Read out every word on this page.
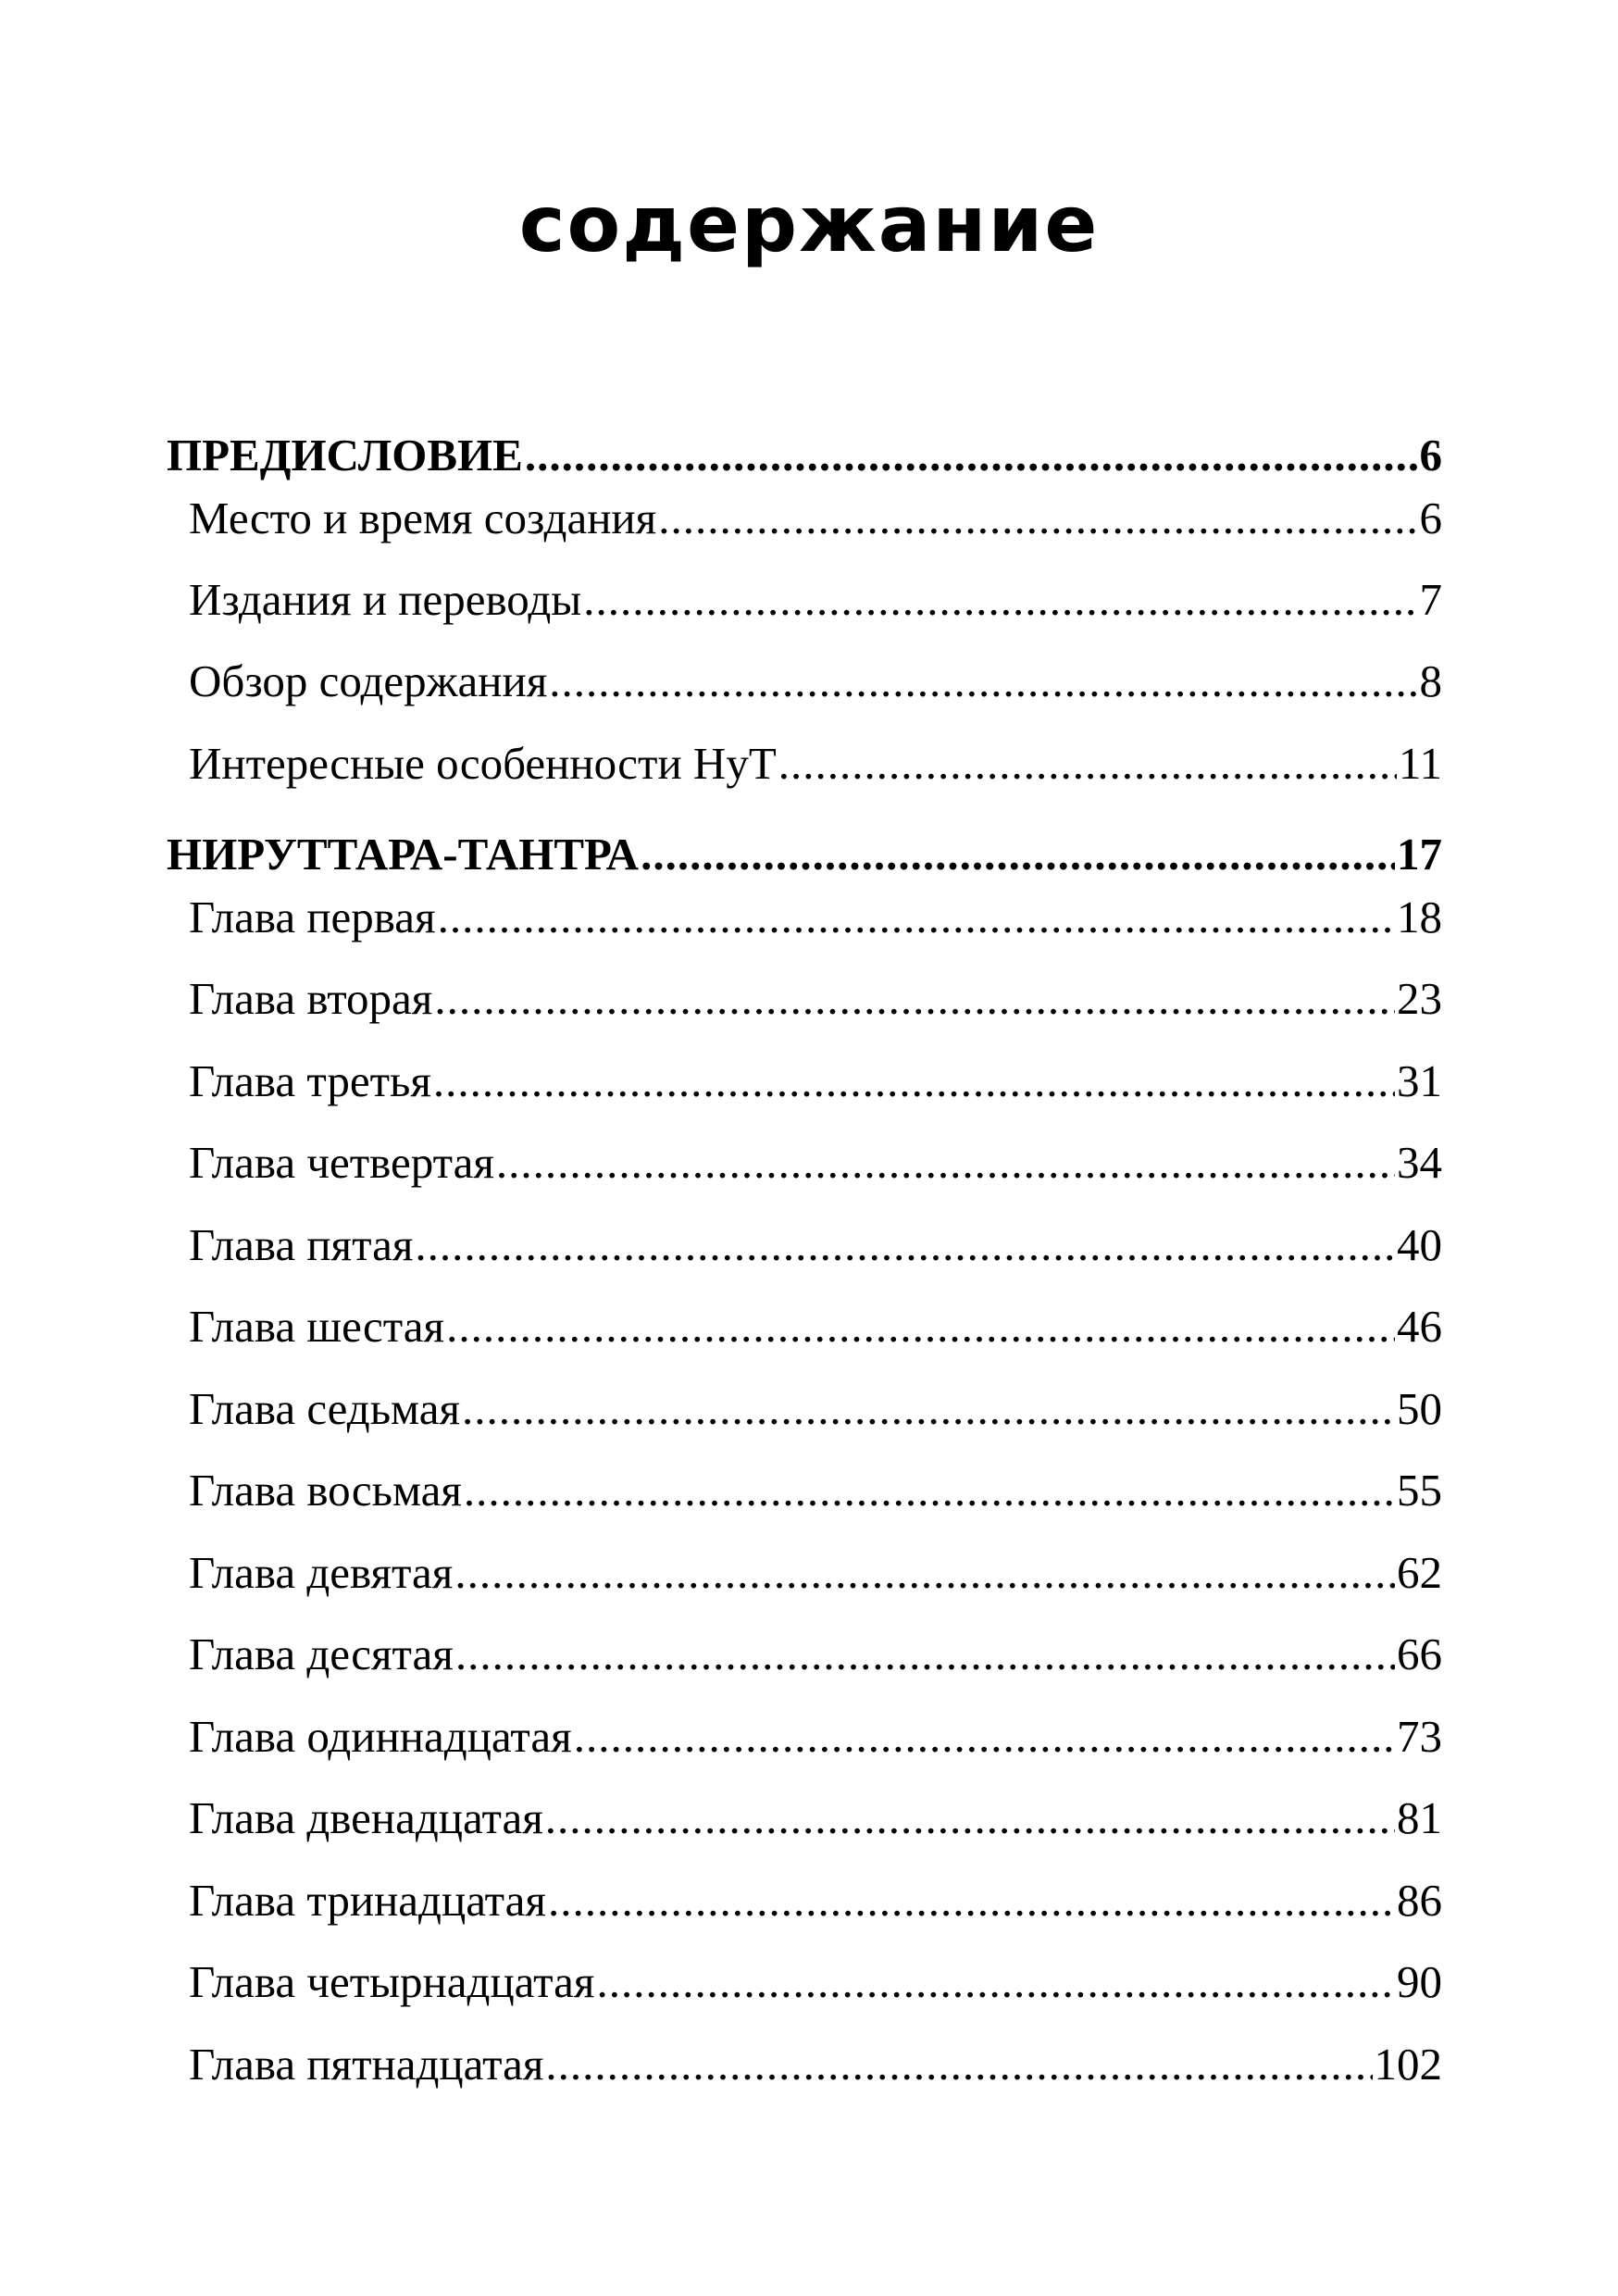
содержание
ПРЕДИСЛОВИЕ .....	6
Место и время создания .....	6
Издания и переводы .....	7
Обзор содержания .....	8
Интересные особенности НуТ .....	11
НИРУТТАРА-ТАНТРА .....	17
Глава первая .....	18
Глава вторая .....	23
Глава третья .....	31
Глава четвертая .....	34
Глава пятая .....	40
Глава шестая .....	46
Глава седьмая .....	50
Глава восьмая .....	55
Глава девятая .....	62
Глава десятая .....	66
Глава одиннадцатая .....	73
Глава двенадцатая .....	81
Глава тринадцатая .....	86
Глава четырнадцатая .....	90
Глава пятнадцатая .....	102
